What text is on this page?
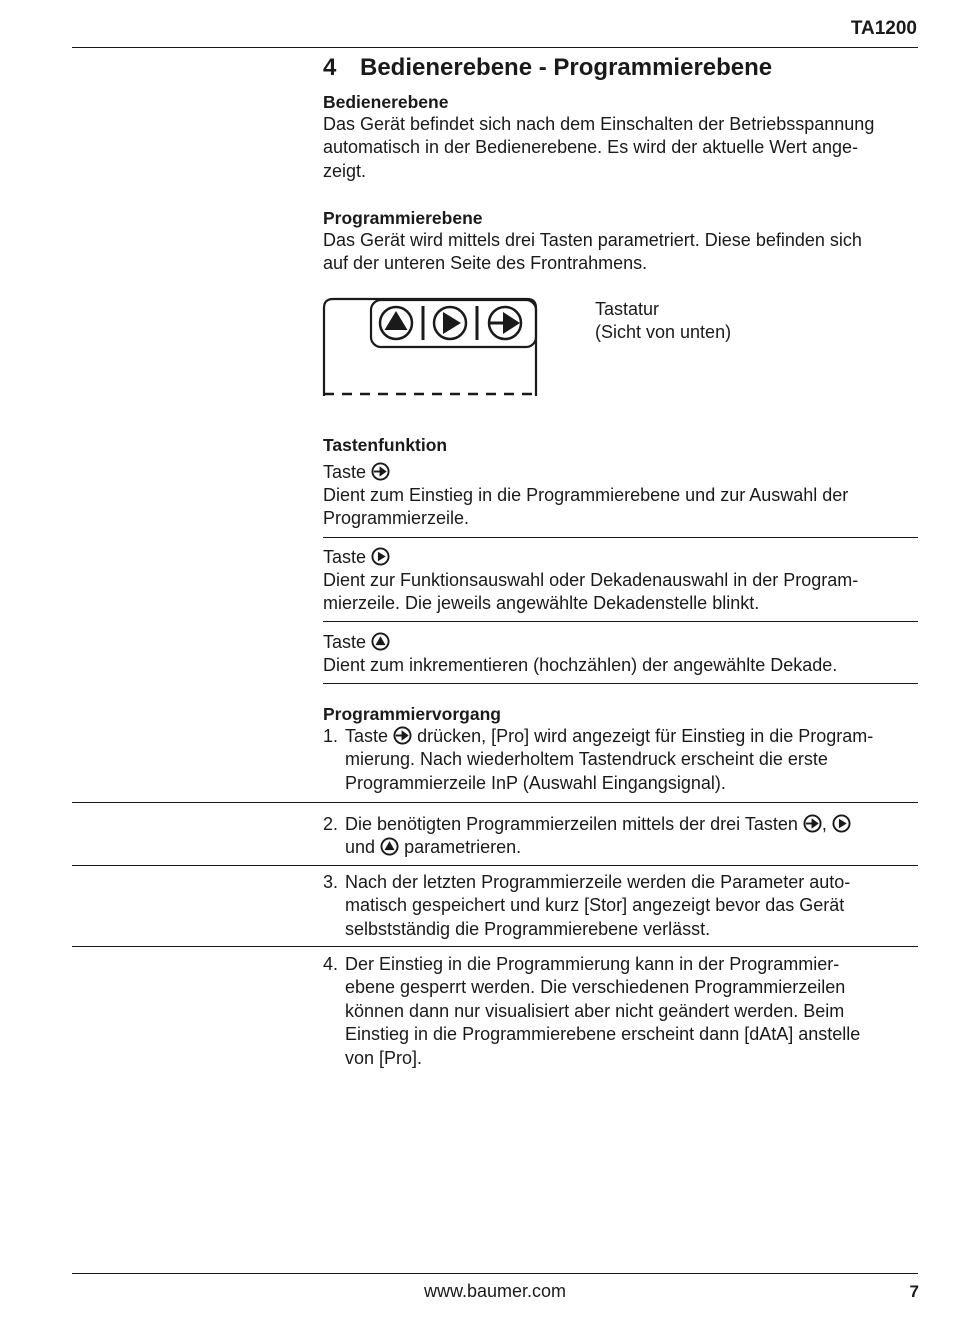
TA1200
4 Bedienerebene - Programmierebene
Bedienerebene
Das Gerät befindet sich nach dem Einschalten der Betriebsspannung
automatisch in der Bedienerebene. Es wird der aktuelle Wert ange-
zeigt.
Programmierebene
Das Gerät wird mittels drei Tasten parametriert. Diese befinden sich
auf der unteren Seite des Frontrahmens.
Tastatur
(Sicht von unten)
Tastenfunktion
Taste
Dient zum Einstieg in die Programmierebene und zur Auswahl der
Programmierzeile.
Taste
Dient zur Funktionsauswahl oder Dekadenauswahl in der Program-
mierzeile. Die jeweils angewählte Dekadenstelle blinkt.
Taste
Dient zum inkrementieren (hochzählen) der angewählte Dekade.
Programmiervorgang
1. Taste drücken, [Pro] wird angezeigt für Einstieg in die Program-
mierung. Nach wiederholtem Tastendruck erscheint die erste
Programmierzeile InP (Auswahl Eingangsignal).
2. Die benötigten Programmierzeilen mittels der drei Tasten ,
und parametrieren.
3. Nach der letzten Programmierzeile werden die Parameter auto-
matisch gespeichert und kurz [Stor] angezeigt bevor das Gerät
selbstständig die Programmierebene verlässt.
4. Der Einstieg in die Programmierung kann in der Programmier-
ebene gesperrt werden. Die verschiedenen Programmierzeilen
können dann nur visualisiert aber nicht geändert werden. Beim
Einstieg in die Programmierebene erscheint dann [dAtA] anstelle
von [Pro].
www.baumer.com	7
